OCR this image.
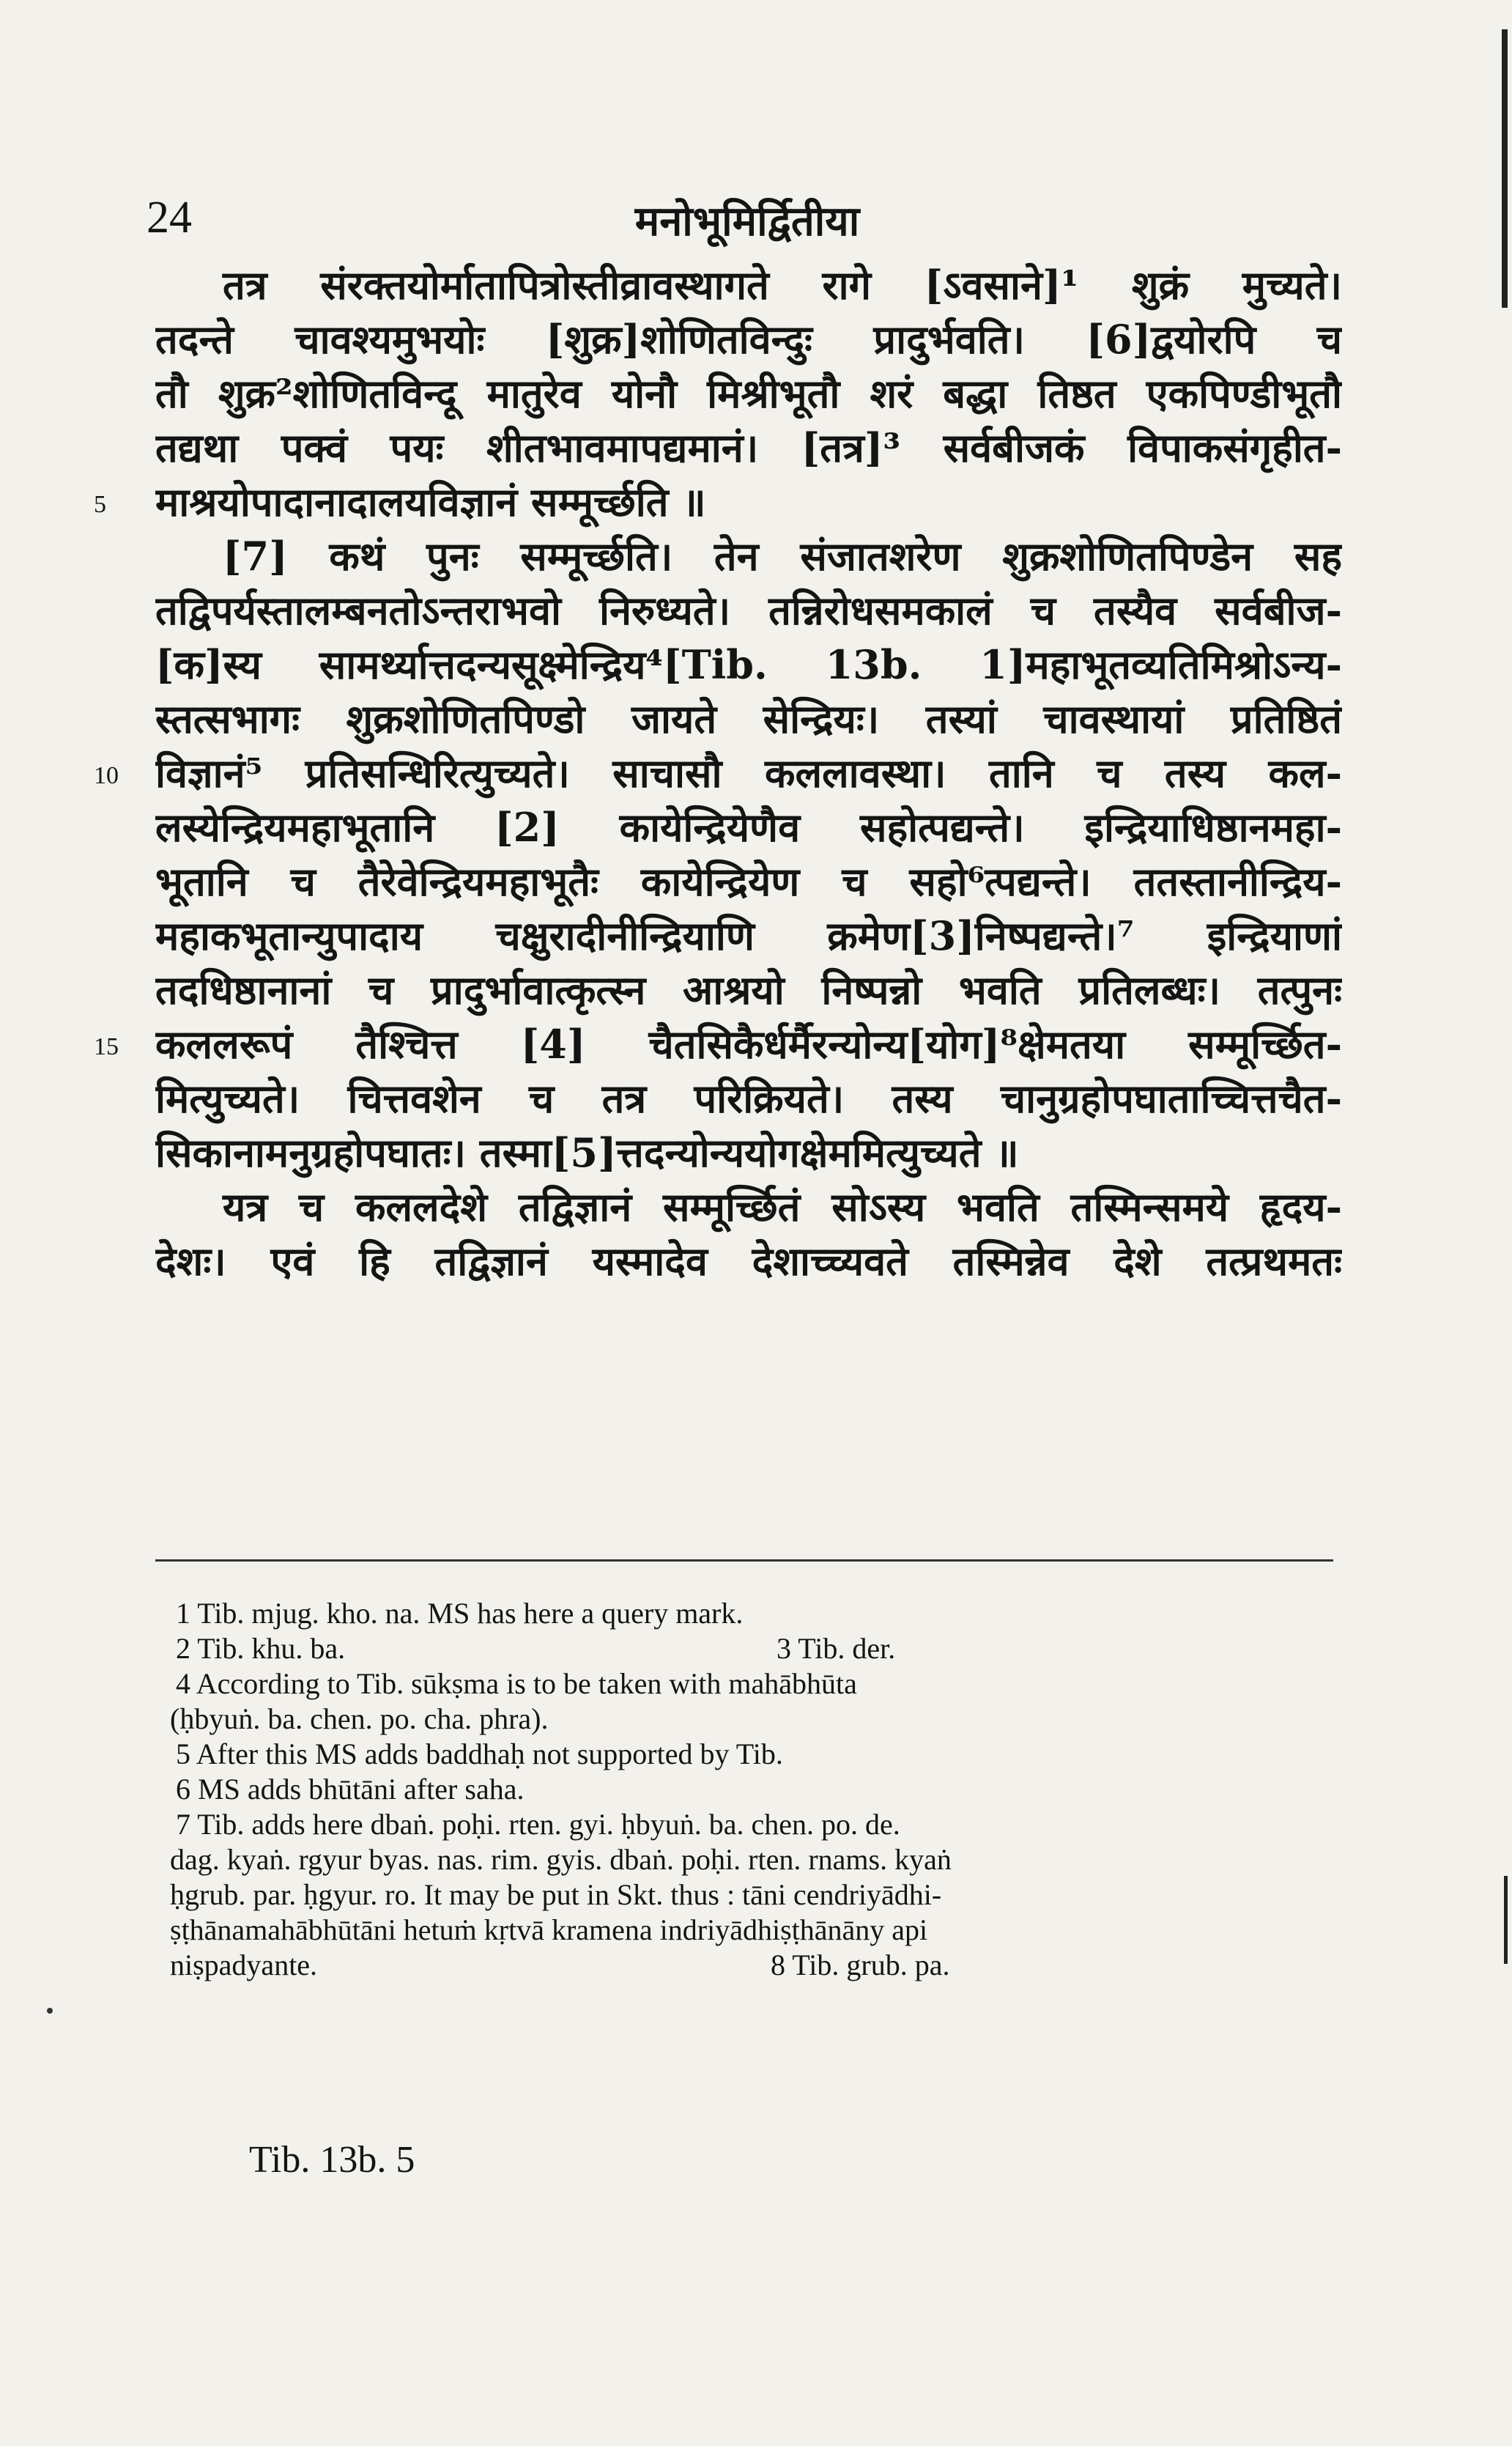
24	मनोभूमिर्द्वितीया
तत्र संरक्तयोर्मातापित्रोस्तीव्रावस्थागते रागे [ऽवसाने]¹ शुक्रं मुच्यते।
तदन्ते चावश्यमुभयोः [शुक्र]शोणितविन्दुः प्रादुर्भवति। [6]द्वयोरपि च
तौ शुक्र²शोणितविन्दू मातुरेव योनौ मिश्रीभूतौ शरं बद्धा तिष्ठत एकपिण्डीभूतौ
तद्यथा पक्वं पयः शीतभावमापद्यमानं। [तत्र]³ सर्वबीजकं विपाकसंगृहीत-
माश्रयोपादानादालयविज्ञानं सम्मूर्च्छति ॥
[7] कथं पुनः सम्मूर्च्छति। तेन संजातशरेण शुक्रशोणितपिण्डेन सह
तद्विपर्यस्तालम्बनतोऽन्तराभवो निरुध्यते। तन्निरोधसमकालं च तस्यैव सर्वबीज-
[क]स्य सामर्थ्यात्तदन्यसूक्ष्मेन्द्रिय⁴[Tib. 13b. 1]महाभूतव्यतिमिश्रोऽन्य-
स्तत्सभागः शुक्रशोणितपिण्डो जायते सेन्द्रियः। तस्यां चावस्थायां प्रतिष्ठितं
विज्ञानं⁵ प्रतिसन्धिरित्युच्यते। साचासौ कललावस्था। तानि च तस्य कल-
लस्येन्द्रियमहाभूतानि [2] कायेन्द्रियेणैव सहोत्पद्यन्ते। इन्द्रियाधिष्ठानमहा-
भूतानि च तैरेवेन्द्रियमहाभूतैः कायेन्द्रियेण च सहो⁶त्पद्यन्ते। ततस्तानीन्द्रिय-
महाकभूतान्युपादाय चक्षुरादीनीन्द्रियाणि क्रमेण[3]निष्पद्यन्ते।⁷ इन्द्रियाणां
तदधिष्ठानानां च प्रादुर्भावात्कृत्स्न आश्रयो निष्पन्नो भवति प्रतिलब्धः। तत्पुनः
कललरूपं तैश्चित्त [4] चैतसिकैर्धर्मैरन्योन्य[योग]⁸क्षेमतया सम्मूर्च्छित-
मित्युच्यते। चित्तवशेन च तत्र परिक्रियते। तस्य चानुग्रहोपघाताच्चित्तचैत-
सिकानामनुग्रहोपघातः। तस्मा[5]त्तदन्योन्ययोगक्षेममित्युच्यते ॥
यत्र च कललदेशे तद्विज्ञानं सम्मूर्च्छितं सोऽस्य भवति तस्मिन्समये हृदय-
देशः। एवं हि तद्विज्ञानं यस्मादेव देशाच्च्यवते तस्मिन्नेव देशे तत्प्रथमतः
5
10
15
1 Tib. mjug. kho. na. MS has here a query mark.
2 Tib. khu. ba.	3 Tib. der.
4 According to Tib. sūkṣma is to be taken with mahābhūta
(ḥbyuṅ. ba. chen. po. cha. phra).
5 After this MS adds baddhaḥ not supported by Tib.
6 MS adds bhūtāni after saha.
7 Tib. adds here dbaṅ. poḥi. rten. gyi. ḥbyuṅ. ba. chen. po. de.
dag. kyaṅ. rgyur byas. nas. rim. gyis. dbaṅ. poḥi. rten. rnams. kyaṅ
ḥgrub. par. ḥgyur. ro. It may be put in Skt. thus : tāni cendriyādhi-
ṣṭhānamahābhūtāni hetuṁ kṛtvā kramena indriyādhiṣṭhānāny api
niṣpadyante.	8 Tib. grub. pa.
Tib. 13b. 5
